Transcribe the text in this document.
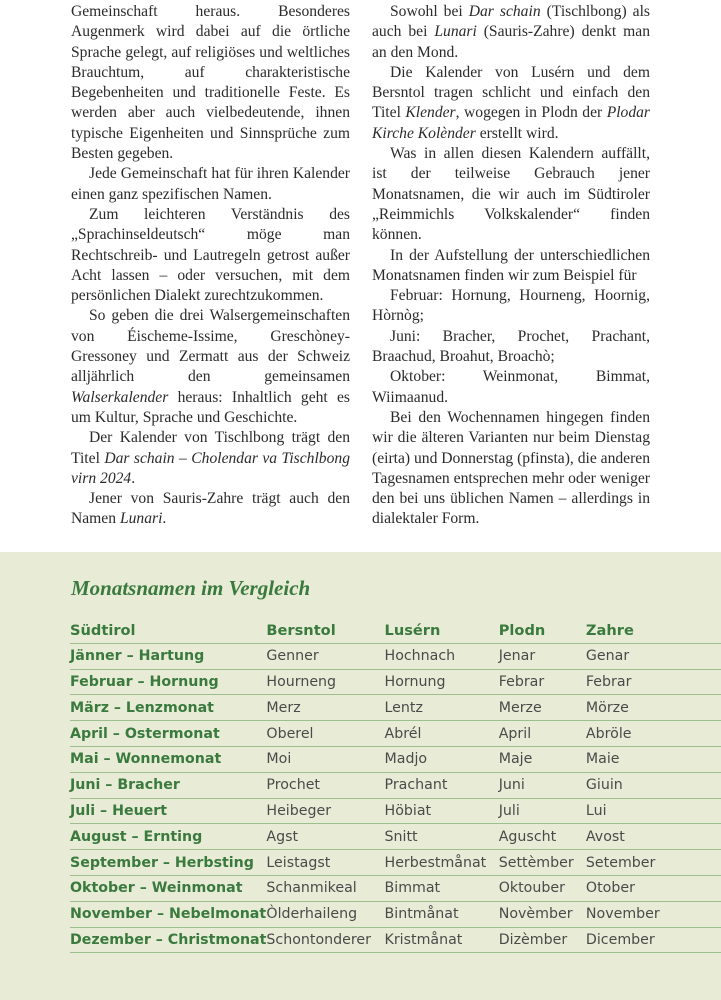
Gemeinschaft heraus. Besonderes Augenmerk wird dabei auf die örtliche Sprache gelegt, auf religiöses und weltliches Brauchtum, auf charakteristische Begebenheiten und traditionelle Feste. Es werden aber auch vielbedeutende, ihnen typische Eigenheiten und Sinnsprüche zum Besten gegeben.

Jede Gemeinschaft hat für ihren Kalender einen ganz spezifischen Namen.

Zum leichteren Verständnis des „Sprachinseldeutsch“ möge man Rechtschreib- und Lautregeln getrost außer Acht lassen – oder versuchen, mit dem persönlichen Dialekt zurechtzukommen.

So geben die drei Walsergemeinschaften von Éischeme-Issime, Greschòney-Gressoney und Zermatt aus der Schweiz alljährlich den gemeinsamen Walserkalender heraus: Inhaltlich geht es um Kultur, Sprache und Geschichte.

Der Kalender von Tischlbong trägt den Titel Dar schain – Cholendar va Tischlbong virn 2024.

Jener von Sauris-Zahre trägt auch den Namen Lunari.

Sowohl bei Dar schain (Tischlbong) als auch bei Lunari (Sauris-Zahre) denkt man an den Mond.

Die Kalender von Lusérn und dem Bersntol tragen schlicht und einfach den Titel Klender, wogegen in Plodn der Plodar Kirche Kolènder erstellt wird.

Was in allen diesen Kalendern auffällt, ist der teilweise Gebrauch jener Monatsnamen, die wir auch im Südtiroler „Reimmichls Volkskalender“ finden können.

In der Aufstellung der unterschiedlichen Monatsnamen finden wir zum Beispiel für

Februar: Hornung, Hourneng, Hoornig, Hòrnòg;

Juni: Bracher, Prochet, Prachant, Braachud, Broahut, Broachò;

Oktober: Weinmonat, Bimmat, Wiimaanud.

Bei den Wochennamen hingegen finden wir die älteren Varianten nur beim Dienstag (eirta) und Donnerstag (pfinsta), die anderen Tagesnamen entsprechen mehr oder weniger den bei uns üblichen Namen – allerdings in dialektaler Form.

Monatsnamen im Vergleich
Südtirol	Bersntol	Lusérn	Plodn	Zahre
Jänner – Hartung	Genner	Hochnach	Jenar	Genar
Februar – Hornung	Hourneng	Hornung	Febrar	Febrar
März – Lenzmonat	Merz	Lentz	Merze	Mörze
April – Ostermonat	Oberel	Abrél	April	Abröle
Mai – Wonnemonat	Moi	Madjo	Maje	Maie
Juni – Bracher	Prochet	Prachant	Juni	Giuin
Juli – Heuert	Heibeger	Höbiat	Juli	Lui
August – Ernting	Agst	Snitt	Aguscht	Avost
September – Herbsting	Leistagst	Herbestmånat	Settèmber	Setember
Oktober – Weinmonat	Schanmikeal	Bimmat	Oktouber	Otober
November – Nebelmonat	Òlderhaileng	Bintmånat	Novèmber	November
Dezember – Christmonat	Schontonderer	Kristmånat	Dizèmber	Dicember
